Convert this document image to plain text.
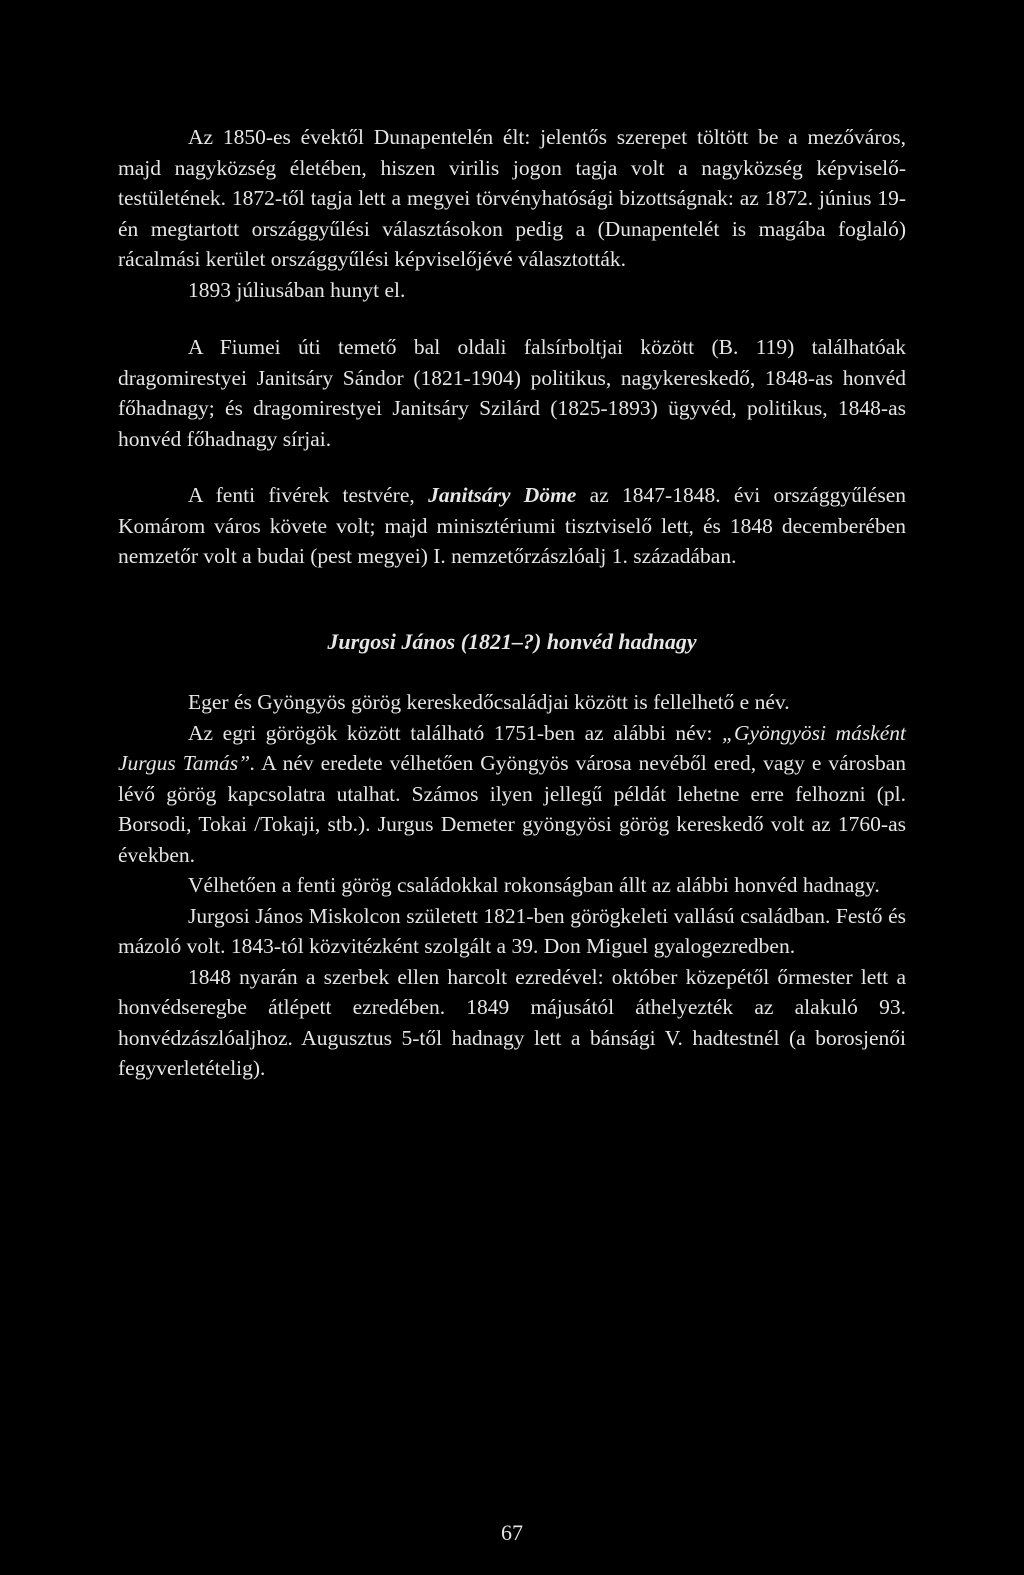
Az 1850-es évektől Dunapentelén élt: jelentős szerepet töltött be a mezőváros, majd nagyközség életében, hiszen virilis jogon tagja volt a nagyközség képviselő-testületének. 1872-től tagja lett a megyei törvényhatósági bizottságnak: az 1872. június 19-én megtartott országgyűlési választásokon pedig a (Dunapentelét is magába foglaló) rácalmási kerület országgyűlési képviselőjévé választották.

1893 júliusában hunyt el.

A Fiumei úti temető bal oldali falsírboltjai között (B. 119) találhatóak dragomirestyei Janitsáry Sándor (1821-1904) politikus, nagykereskedő, 1848-as honvéd főhadnagy; és dragomirestyei Janitsáry Szilárd (1825-1893) ügyvéd, politikus, 1848-as honvéd főhadnagy sírjai.

A fenti fivérek testvére, Janitsáry Döme az 1847-1848. évi országgyűlésen Komárom város követe volt; majd minisztériumi tisztviselő lett, és 1848 decemberében nemzetőr volt a budai (pest megyei) I. nemzetőrzászlóalj 1. századában.

Jurgosi János (1821–?) honvéd hadnagy

Eger és Gyöngyös görög kereskedőcsaládjai között is fellelhető e név.

Az egri görögök között található 1751-ben az alábbi név: „Gyöngyösi másként Jurgus Tamás”. A név eredete vélhetően Gyöngyös városa nevéből ered, vagy e városban lévő görög kapcsolatra utalhat. Számos ilyen jellegű példát lehetne erre felhozni (pl. Borsodi, Tokai /Tokaji, stb.). Jurgus Demeter gyöngyösi görög kereskedő volt az 1760-as években.

Vélhetően a fenti görög családokkal rokonságban állt az alábbi honvéd hadnagy.

Jurgosi János Miskolcon született 1821-ben görögkeleti vallású családban. Festő és mázoló volt. 1843-tól közvitézként szolgált a 39. Don Miguel gyalogezredben.

1848 nyarán a szerbek ellen harcolt ezredével: október közepétől őrmester lett a honvédseregbe átlépett ezredében. 1849 májusától áthelyezték az alakuló 93. honvédzászlóaljhoz. Augusztus 5-től hadnagy lett a bánsági V. hadtestnél (a borosjenői fegyverletételig).

67
